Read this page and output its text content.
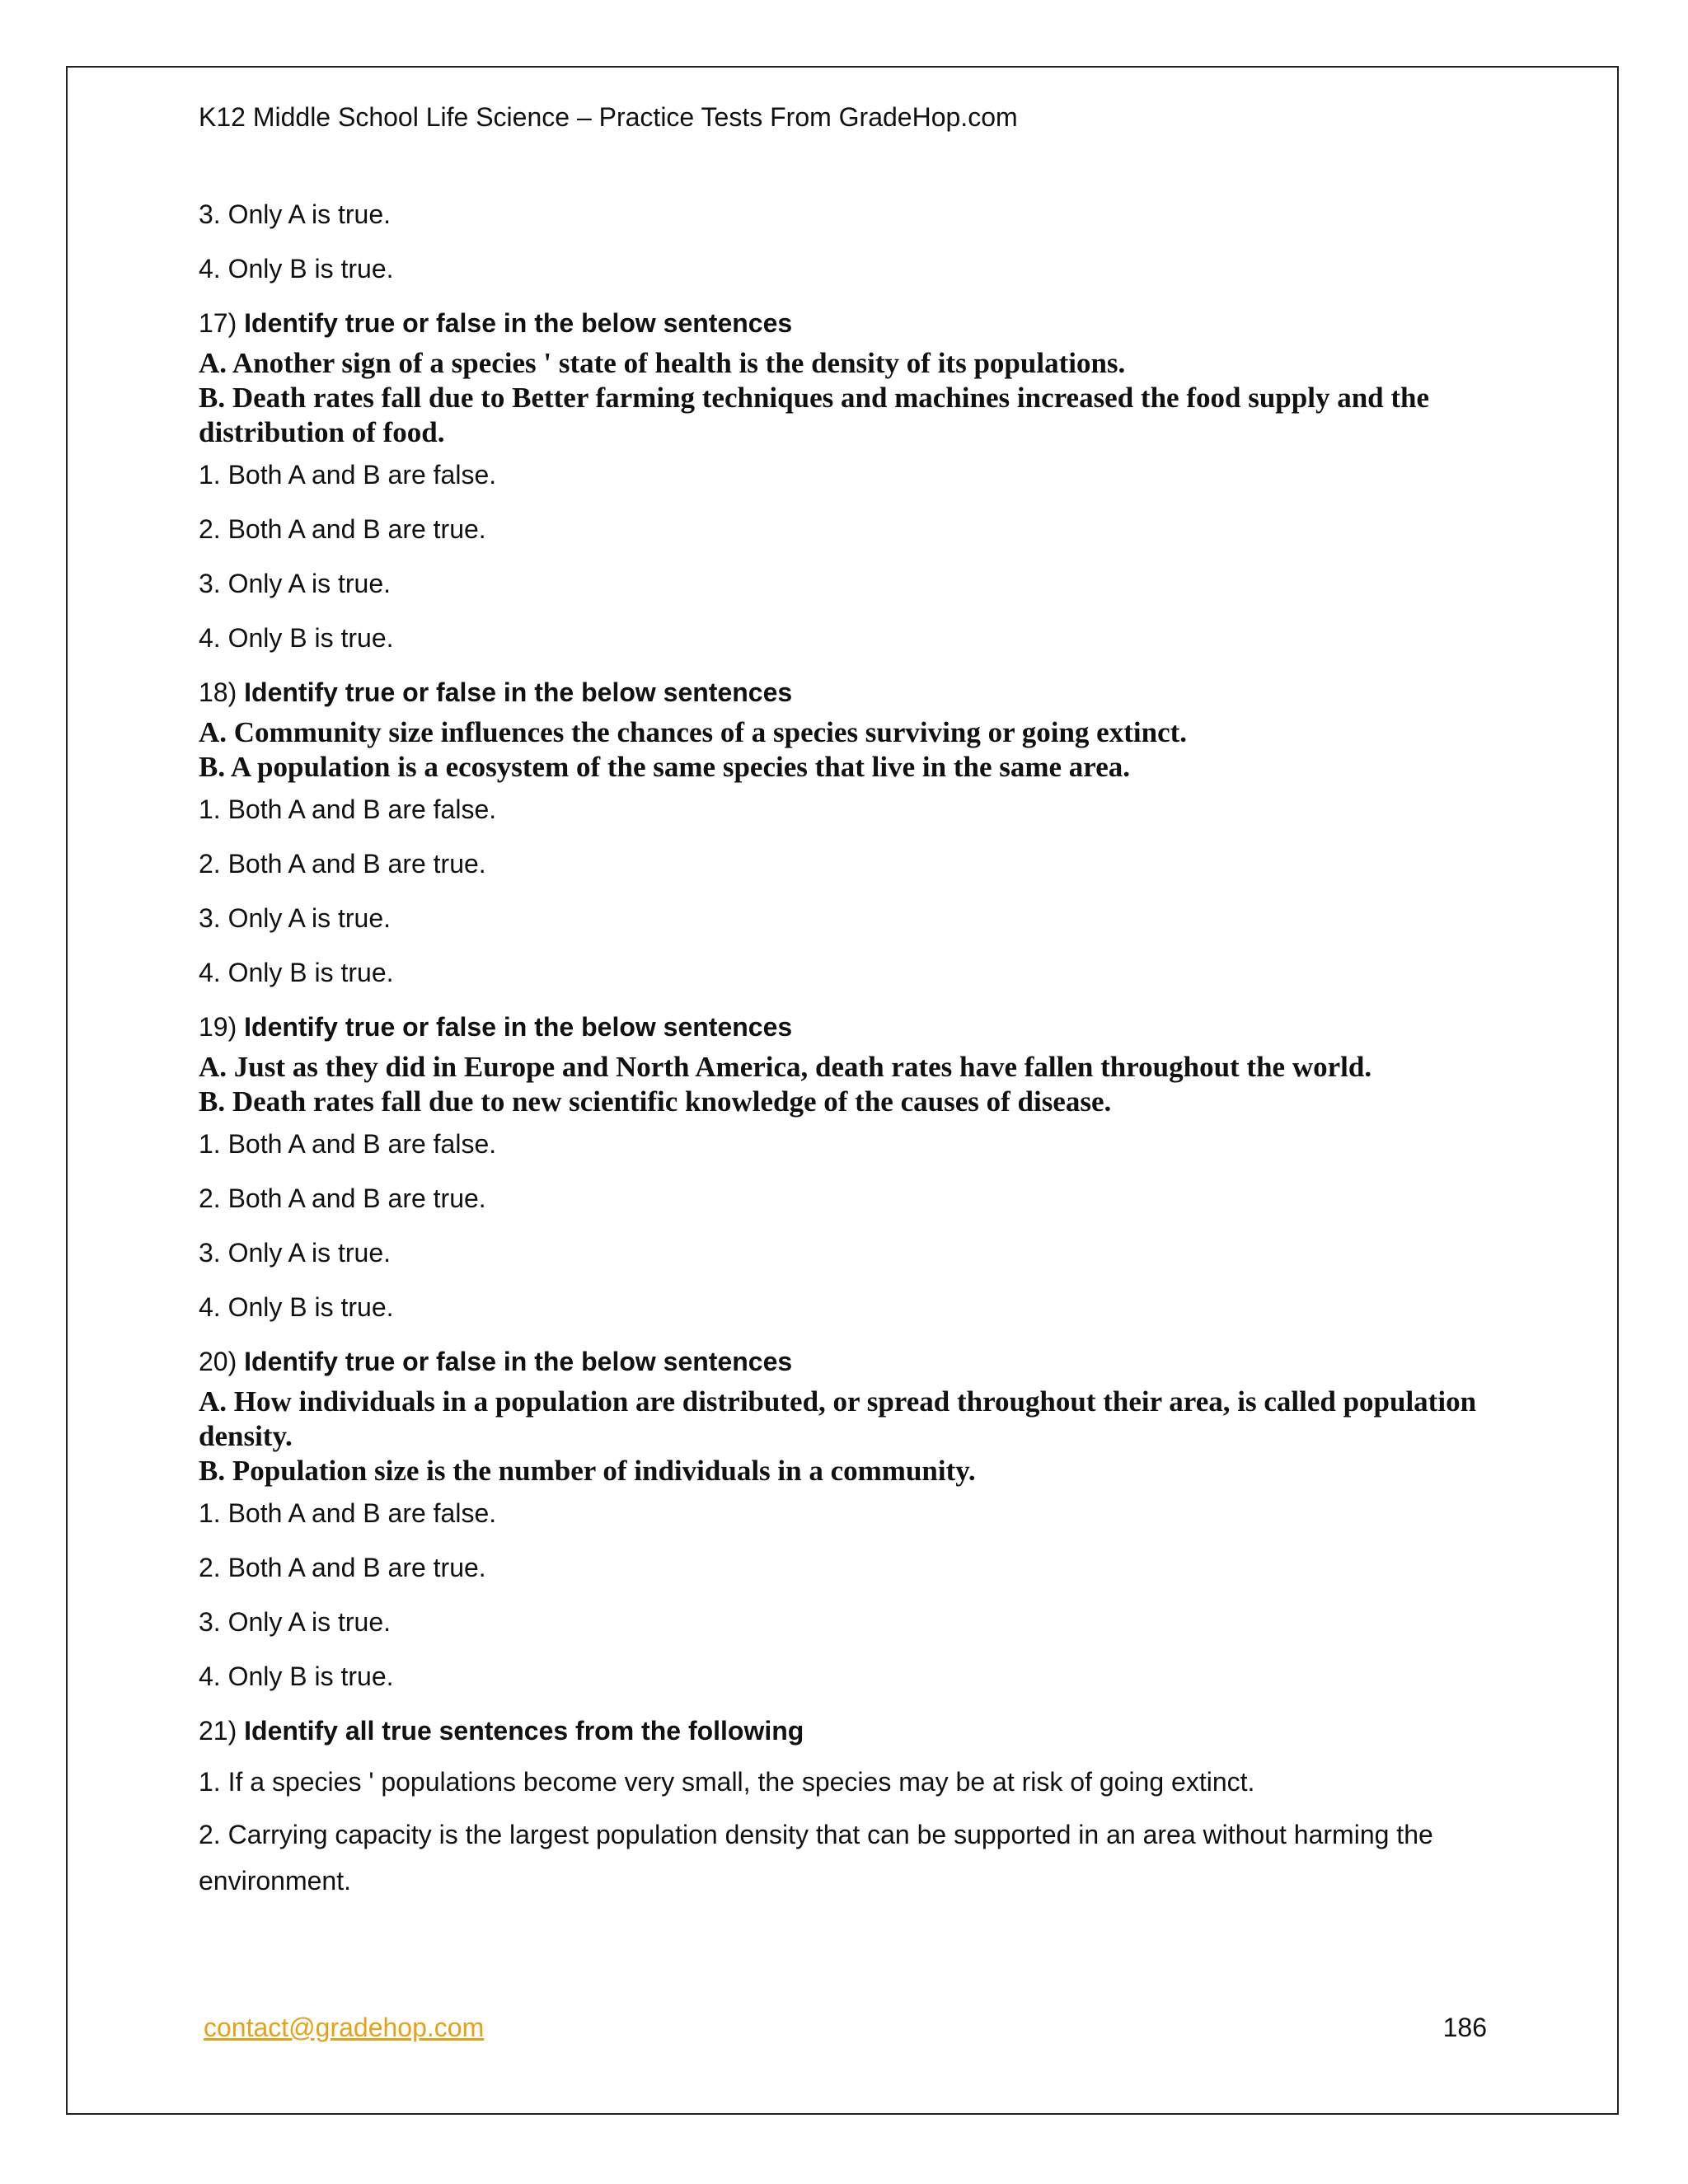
K12 Middle School Life Science – Practice Tests From GradeHop.com
3. Only A is true.
4. Only B is true.
17) Identify true or false in the below sentences
A. Another sign of a species ' state of health is the density of its populations.
B. Death rates fall due to Better farming techniques and machines increased the food supply and the distribution of food.
1. Both A and B are false.
2. Both A and B are true.
3. Only A is true.
4. Only B is true.
18) Identify true or false in the below sentences
A. Community size influences the chances of a species surviving or going extinct.
B. A population is a ecosystem of the same species that live in the same area.
1. Both A and B are false.
2. Both A and B are true.
3. Only A is true.
4. Only B is true.
19) Identify true or false in the below sentences
A. Just as they did in Europe and North America, death rates have fallen throughout the world.
B. Death rates fall due to new scientific knowledge of the causes of disease.
1. Both A and B are false.
2. Both A and B are true.
3. Only A is true.
4. Only B is true.
20) Identify true or false in the below sentences
A. How individuals in a population are distributed, or spread throughout their area, is called population density.
B. Population size is the number of individuals in a community.
1. Both A and B are false.
2. Both A and B are true.
3. Only A is true.
4. Only B is true.
21) Identify all true sentences from the following
1. If a species ' populations become very small, the species may be at risk of going extinct.
2. Carrying capacity is the largest population density that can be supported in an area without harming the environment.
contact@gradehop.com	186
